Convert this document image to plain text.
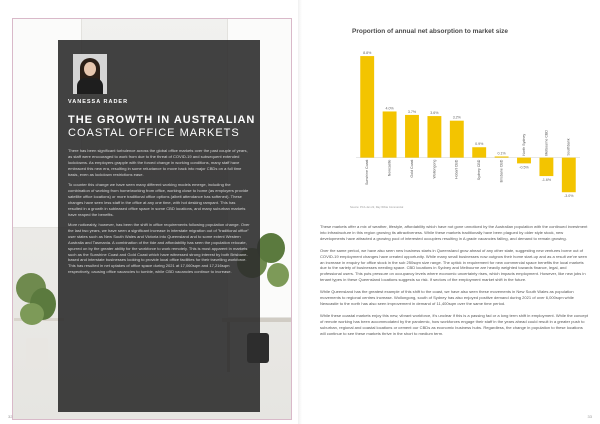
VANESSA RADER
THE GROWTH IN AUSTRALIAN
COASTAL OFFICE MARKETS

There has been significant turbulence across the global office markets over the past couple of years, as staff were encouraged to work from due to the threat of COVID-19 and subsequent extended lockdowns. As employers grapple with the forced change in working conditions, many staff have embraced this new era, resulting in some reluctance to move back into major CBDs on a full time basis, even as lockdown restrictions ease.

To counter this change we have seen many different working models emerge, including the combination of working from home/working from office, working close to home (as employers provide satellite office locations) or more traditional office options (albeit attendance has softened). These changes have seen less staff in the office at any one time, with hot desking rampant. This has resulted in a growth in subleased office space in some CBD locations, and many suburban markets have reaped the benefits.

More noticeably, however, has been the shift in office requirements following population change. Over the last two years, we have seen a significant increase in interstate migration out of "traditional office" user states such as New South Wales and Victoria into Queensland and to some extent Western Australia and Tasmania. A combination of the tide and affordability has seen the population relocate, spurred on by the greater ability for the workforce to work remotely. This is most apparent in markets such as the Sunshine Coast and Gold Coast which have witnessed strong interest by both Brisbane-based and interstate businesses looking to provide local office facilities for their travelling workforce. This has resulted in net uptakes of office space during 2021 at 17,060sqm and 17,216sqm respectively, causing office vacancies to tumble, while CBD vacancies continue to increase.

32
Proportion of annual net absorption to market size
8.8%
Sunshine Coast
4.0%
Newcastle
3.7%
Gold Coast
3.6%
Wollongong
3.2%
Hobart CBD
0.9%
Sydney CBD
0.1%
Brisbane CBD	-0.5%
North Sydney
-1.6%
Melbourne CBD
-3.0%
Southbank
Source: PCA Jan 22, Ray White Commercial

These markets offer a mix of weather, lifestyle, affordability which have not gone unnoticed by the Australian population with the continued investment into infrastructure in this region growing its attractiveness. While these markets traditionally have been plagued by older style stock, new developments have attracted a growing pool of interested occupiers resulting in A grade vacancies falling, and demand to remain growing.

Over the same period, we have also seen new business starts in Queensland grow ahead of any other state, suggesting new ventures borne out of COVID-19 employment changes have created opportunity. While many small businesses now outgrow their home start-up and as a result we've seen an increase in enquiry for office stock in the sub 250sqm size range. The uptick in requirement for new commercial space benefits the local markets due to the variety of businesses needing space. CBD locations in Sydney and Melbourne are heavily weighted towards finance, legal, and professional users. This puts pressure on occupancy levels where economic uncertainty rises, which impacts employment. However, like new jobs in tenant types in these Queensland locations suggests so risk. If sectors of the employment market shift in the future.

While Queensland has the greatest example of this shift to the coast, we have also seen these movements in New South Wales as population movements to regional centres increase. Wollongong, south of Sydney has also enjoyed positive demand during 2021 of over 6,000sqm while Newcastle to the north has also seen improvement in demand of 11,400sqm over the same time period.

While these coastal markets enjoy this new, vibrant workforce, it's unclear if this is a passing fad or a long term shift in employment. While the concept of remote working has been accommodated by the pandemic, how workforces engage their staff in the years ahead could result in a greater push to suburban, regional and coastal locations or cement our CBDs as economic business hubs. Regardless, the change in population to these locations will continue to see these markets thrive in the short to medium term.

33
